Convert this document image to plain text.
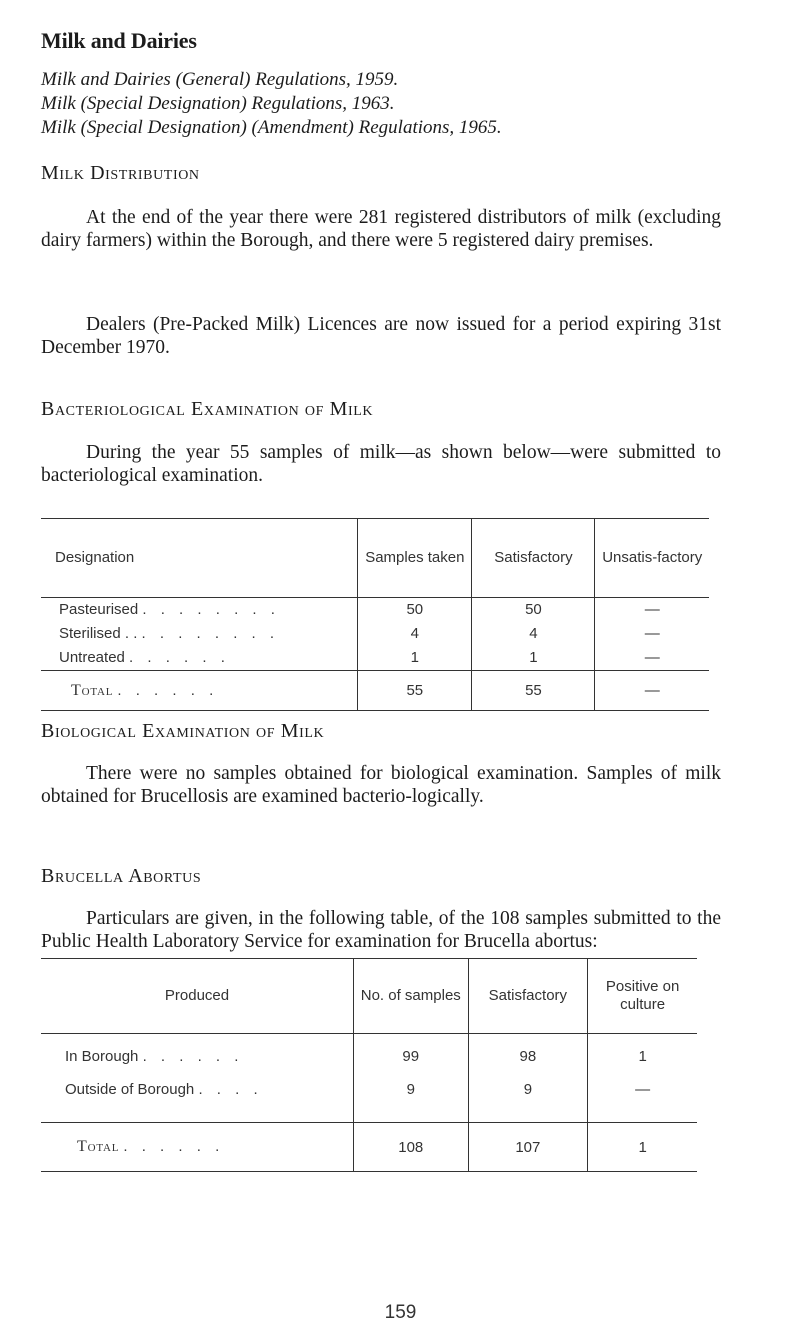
Milk and Dairies
Milk and Dairies (General) Regulations, 1959.
Milk (Special Designation) Regulations, 1963.
Milk (Special Designation) (Amendment) Regulations, 1965.
Milk Distribution
At the end of the year there were 281 registered distributors of milk (excluding dairy farmers) within the Borough, and there were 5 registered dairy premises.
Dealers (Pre-Packed Milk) Licences are now issued for a period expiring 31st December 1970.
Bacteriological Examination of Milk
During the year 55 samples of milk—as shown below—were submitted to bacteriological examination.
Designation	Samples taken	Satisfactory	Unsatis-factory
Pasteurised . . . . . . . .	50	50	—
Sterilised . . . . . . . . . .	4	4	—
Untreated . . . . . .	1	1	—
Total . . . . . .	55	55	—
Biological Examination of Milk
There were no samples obtained for biological examination. Samples of milk obtained for Brucellosis are examined bacterio-logically.
Brucella Abortus
Particulars are given, in the following table, of the 108 samples submitted to the Public Health Laboratory Service for examination for Brucella abortus:
Produced	No. of samples	Satisfactory	Positive on culture
In Borough . . . . . .	99	98	1
Outside of Borough . . . .	9	9	—
Total . . . . . .	108	107	1
159
